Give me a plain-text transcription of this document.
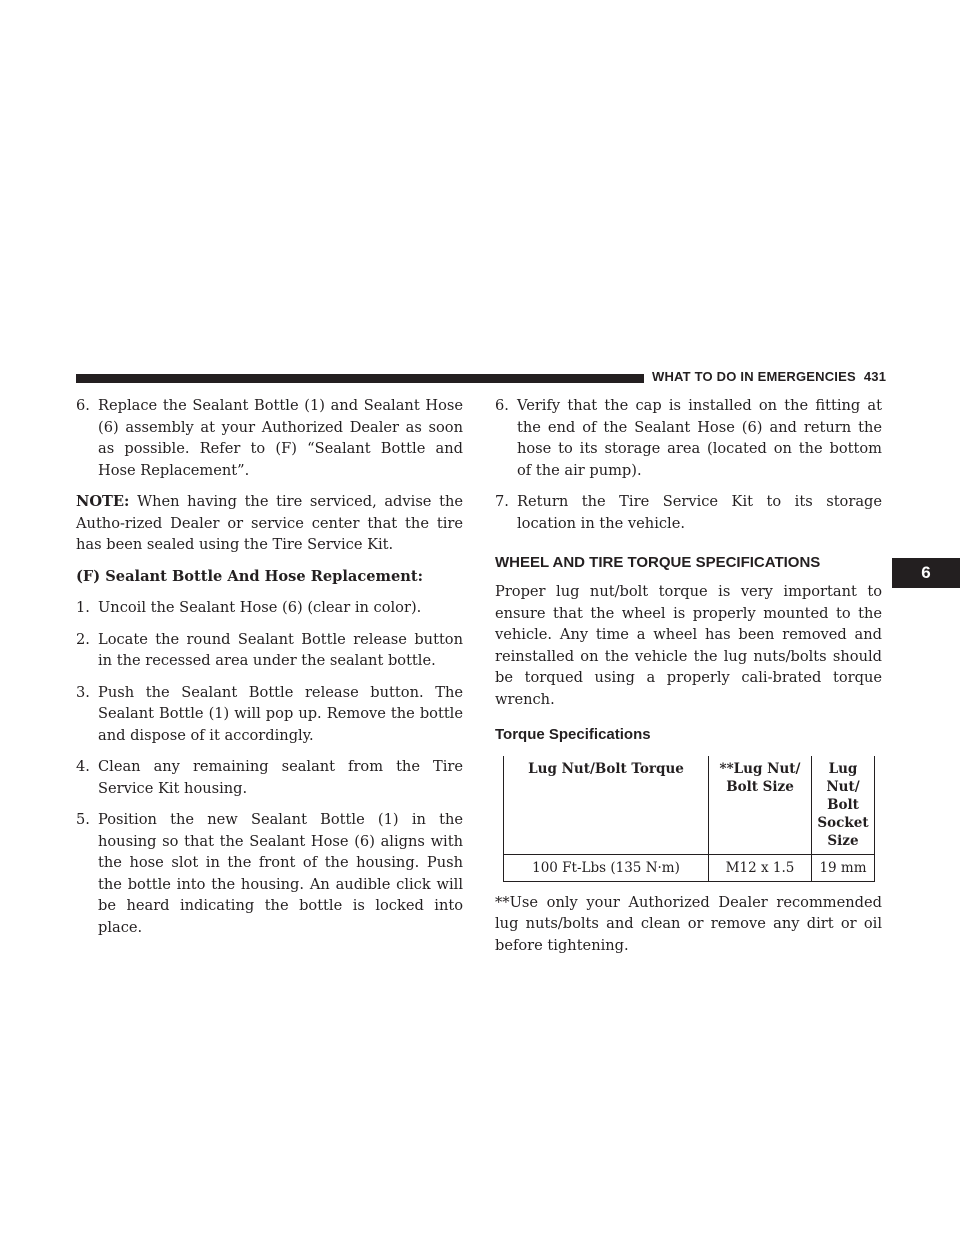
WHAT TO DO IN EMERGENCIES 431
6
6. Replace the Sealant Bottle (1) and Sealant Hose (6) assembly at your Authorized Dealer as soon as possible. Refer to (F) “Sealant Bottle and Hose Replacement”.

NOTE: When having the tire serviced, advise the Autho-rized Dealer or service center that the tire has been sealed using the Tire Service Kit.

(F) Sealant Bottle And Hose Replacement:

1. Uncoil the Sealant Hose (6) (clear in color).
2. Locate the round Sealant Bottle release button in the recessed area under the sealant bottle.
3. Push the Sealant Bottle release button. The Sealant Bottle (1) will pop up. Remove the bottle and dispose of it accordingly.
4. Clean any remaining sealant from the Tire Service Kit housing.
5. Position the new Sealant Bottle (1) in the housing so that the Sealant Hose (6) aligns with the hose slot in the front of the housing. Push the bottle into the housing. An audible click will be heard indicating the bottle is locked into place.
6. Verify that the cap is installed on the fitting at the end of the Sealant Hose (6) and return the hose to its storage area (located on the bottom of the air pump).
7. Return the Tire Service Kit to its storage location in the vehicle.
WHEEL AND TIRE TORQUE SPECIFICATIONS

Proper lug nut/bolt torque is very important to ensure that the wheel is properly mounted to the vehicle. Any time a wheel has been removed and reinstalled on the vehicle the lug nuts/bolts should be torqued using a properly cali-brated torque wrench.

Torque Specifications
Lug Nut/Bolt Torque	**Lug Nut/ Bolt Size	Lug Nut/ Bolt Socket Size
100 Ft-Lbs (135 N·m)	M12 x 1.5	19 mm

**Use only your Authorized Dealer recommended lug nuts/bolts and clean or remove any dirt or oil before tightening.
